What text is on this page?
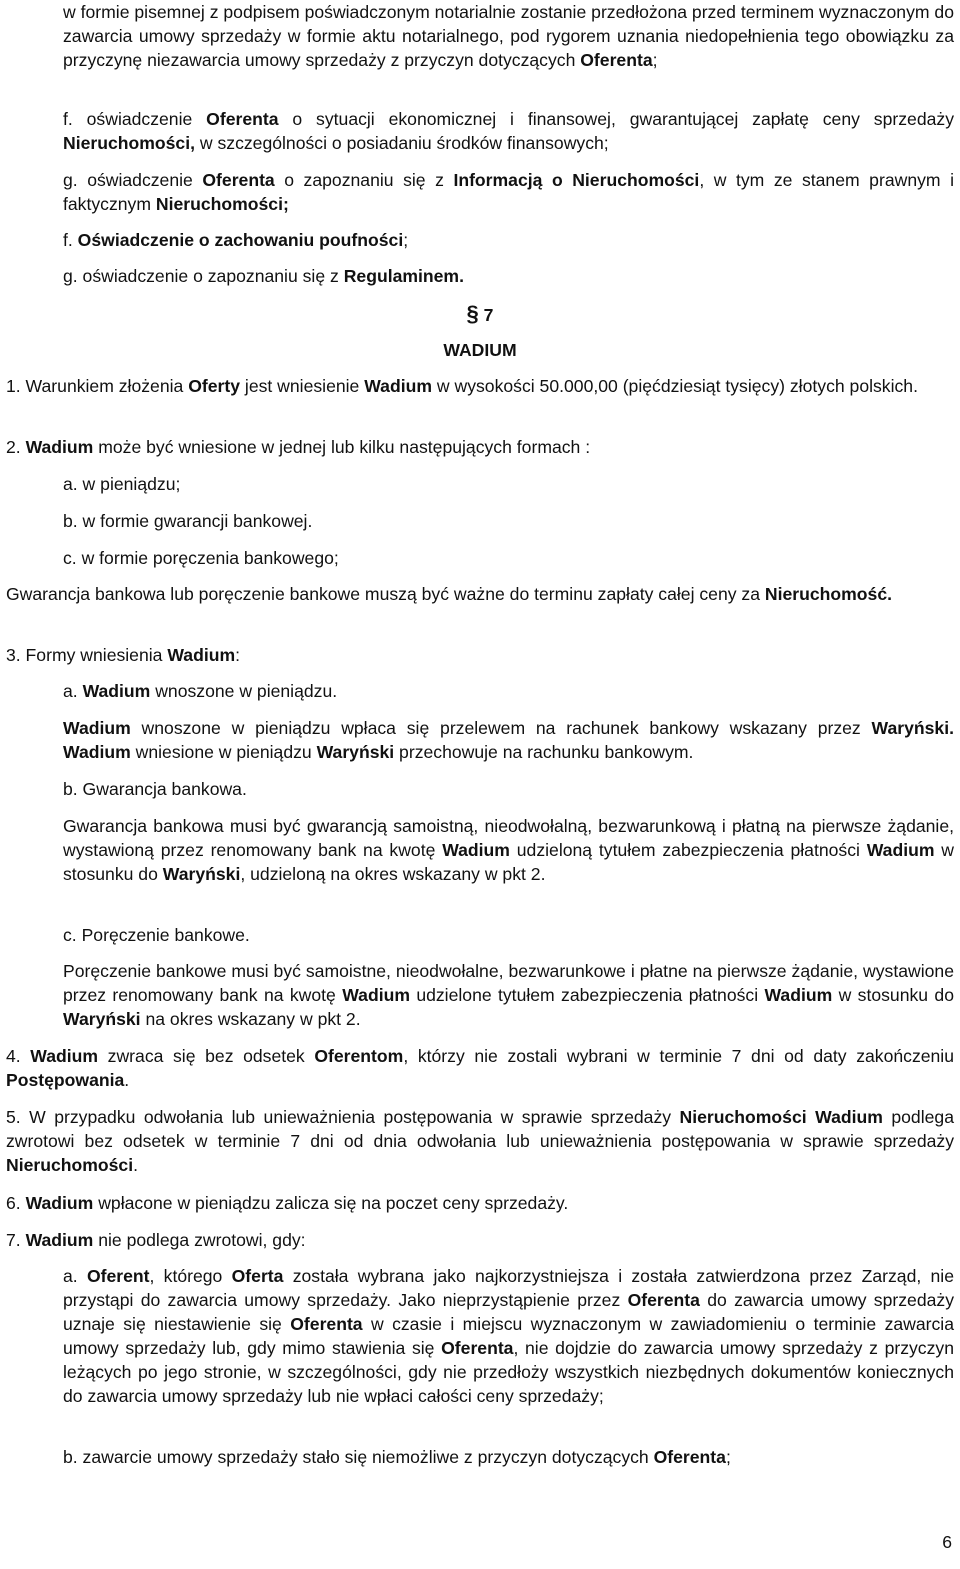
w formie pisemnej z podpisem poświadczonym notarialnie zostanie przedłożona przed terminem wyznaczonym do zawarcia umowy sprzedaży w formie aktu notarialnego, pod rygorem uznania niedopełnienia tego obowiązku za przyczynę niezawarcia umowy sprzedaży z przyczyn dotyczących Oferenta;
f. oświadczenie Oferenta o sytuacji ekonomicznej i finansowej, gwarantującej zapłatę ceny sprzedaży Nieruchomości, w szczególności o posiadaniu środków finansowych;
g. oświadczenie Oferenta o zapoznaniu się z Informacją o Nieruchomości, w tym ze stanem prawnym i faktycznym Nieruchomości;
f. Oświadczenie o zachowaniu poufności;
g. oświadczenie o zapoznaniu się z Regulaminem.
§ 7
WADIUM
1. Warunkiem złożenia Oferty jest wniesienie Wadium w wysokości 50.000,00 (pięćdziesiąt tysięcy) złotych polskich.
2. Wadium może być wniesione w jednej lub kilku następujących formach :
a. w pieniądzu;
b. w formie gwarancji bankowej.
c. w formie poręczenia bankowego;
Gwarancja bankowa lub poręczenie bankowe muszą być ważne do terminu zapłaty całej ceny za Nieruchomość.
3. Formy wniesienia Wadium:
a. Wadium wnoszone w pieniądzu.
Wadium wnoszone w pieniądzu wpłaca się przelewem na rachunek bankowy wskazany przez Waryński. Wadium wniesione w pieniądzu Waryński przechowuje na rachunku bankowym.
b. Gwarancja bankowa.
Gwarancja bankowa musi być gwarancją samoistną, nieodwołalną, bezwarunkową i płatną na pierwsze żądanie, wystawioną przez renomowany bank na kwotę Wadium udzieloną tytułem zabezpieczenia płatności Wadium w stosunku do Waryński, udzieloną na okres wskazany w pkt 2.
c. Poręczenie bankowe.
Poręczenie bankowe musi być samoistne, nieodwołalne, bezwarunkowe i płatne na pierwsze żądanie, wystawione przez renomowany bank na kwotę Wadium udzielone tytułem zabezpieczenia płatności Wadium w stosunku do Waryński na okres wskazany w pkt 2.
4. Wadium zwraca się bez odsetek Oferentom, którzy nie zostali wybrani w terminie 7 dni od daty zakończeniu Postępowania.
5. W przypadku odwołania lub unieważnienia postępowania w sprawie sprzedaży Nieruchomości Wadium podlega zwrotowi bez odsetek w terminie 7 dni od dnia odwołania lub unieważnienia postępowania w sprawie sprzedaży Nieruchomości.
6. Wadium wpłacone w pieniądzu zalicza się na poczet ceny sprzedaży.
7. Wadium nie podlega zwrotowi, gdy:
a. Oferent, którego Oferta została wybrana jako najkorzystniejsza i została zatwierdzona przez Zarząd, nie przystąpi do zawarcia umowy sprzedaży. Jako nieprzystąpienie przez Oferenta do zawarcia umowy sprzedaży uznaje się niestawienie się Oferenta w czasie i miejscu wyznaczonym w zawiadomieniu o terminie zawarcia umowy sprzedaży lub, gdy mimo stawienia się Oferenta, nie dojdzie do zawarcia umowy sprzedaży z przyczyn leżących po jego stronie, w szczególności, gdy nie przedłoży wszystkich niezbędnych dokumentów koniecznych do zawarcia umowy sprzedaży lub nie wpłaci całości ceny sprzedaży;
b. zawarcie umowy sprzedaży stało się niemożliwe z przyczyn dotyczących Oferenta;
6
